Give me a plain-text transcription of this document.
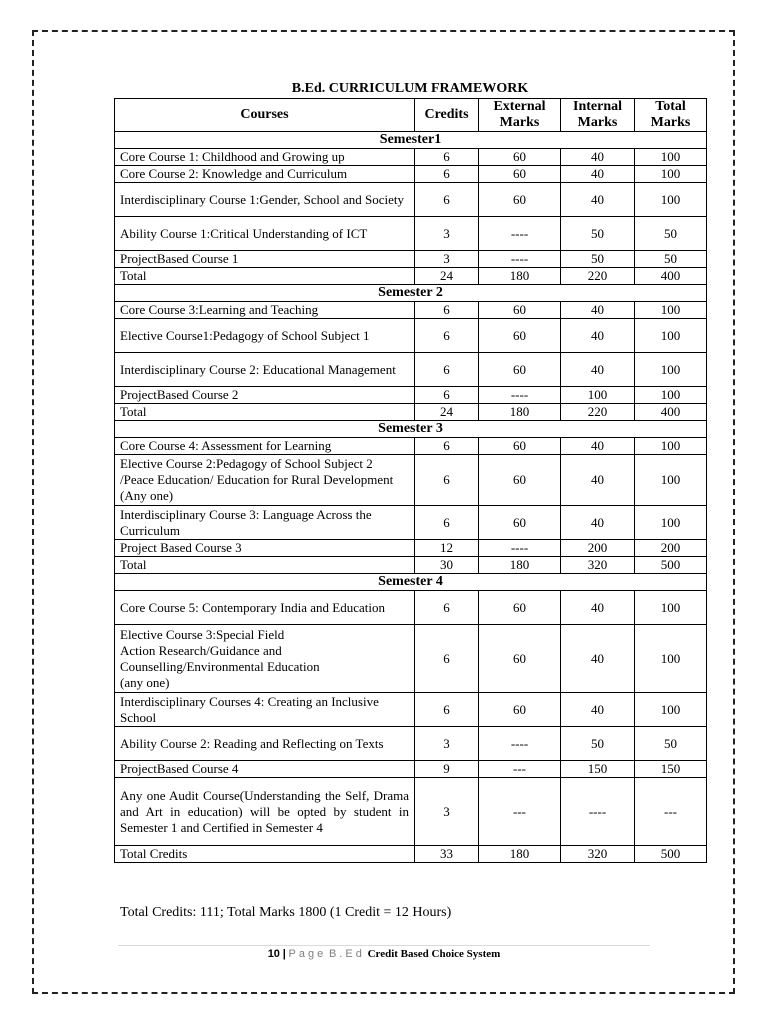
B.Ed. CURRICULUM FRAMEWORK
Courses	Credits	External Marks	Internal Marks	Total Marks
Semester1				
Core Course 1: Childhood and Growing up	6	60	40	100
Core Course 2: Knowledge and Curriculum	6	60	40	100
Interdisciplinary Course 1:Gender, School and Society	6	60	40	100
Ability Course 1:Critical Understanding of ICT	3	----	50	50
ProjectBased Course 1	3	----	50	50
Total	24	180	220	400
Semester 2				
Core Course 3:Learning and Teaching	6	60	40	100
Elective Course1:Pedagogy of School Subject 1	6	60	40	100
Interdisciplinary Course 2: Educational Management	6	60	40	100
ProjectBased Course 2	6	----	100	100
Total	24	180	220	400
Semester 3				
Core Course 4: Assessment for Learning	6	60	40	100
Elective Course 2:Pedagogy of School Subject 2 /Peace Education/ Education for Rural Development (Any one)	6	60	40	100
Interdisciplinary Course 3: Language Across the Curriculum	6	60	40	100
Project Based Course 3	12	----	200	200
Total	30	180	320	500
Semester 4				
Core Course 5: Contemporary India and Education	6	60	40	100
Elective Course 3:Special Field
Action Research/Guidance and Counselling/Environmental Education
(any one)	6	60	40	100
Interdisciplinary Courses 4: Creating an Inclusive School	6	60	40	100
Ability Course 2: Reading and Reflecting on Texts	3	----	50	50
ProjectBased Course 4	9	---	150	150
Any one Audit Course(Understanding the Self, Drama and Art in education) will be opted by student in Semester 1 and Certified in Semester 4	3	---	----	---
Total Credits	33	180	320	500
Total Credits: 111; Total Marks 1800 (1 Credit = 12 Hours)
10 | Page B.Ed Credit Based Choice System
